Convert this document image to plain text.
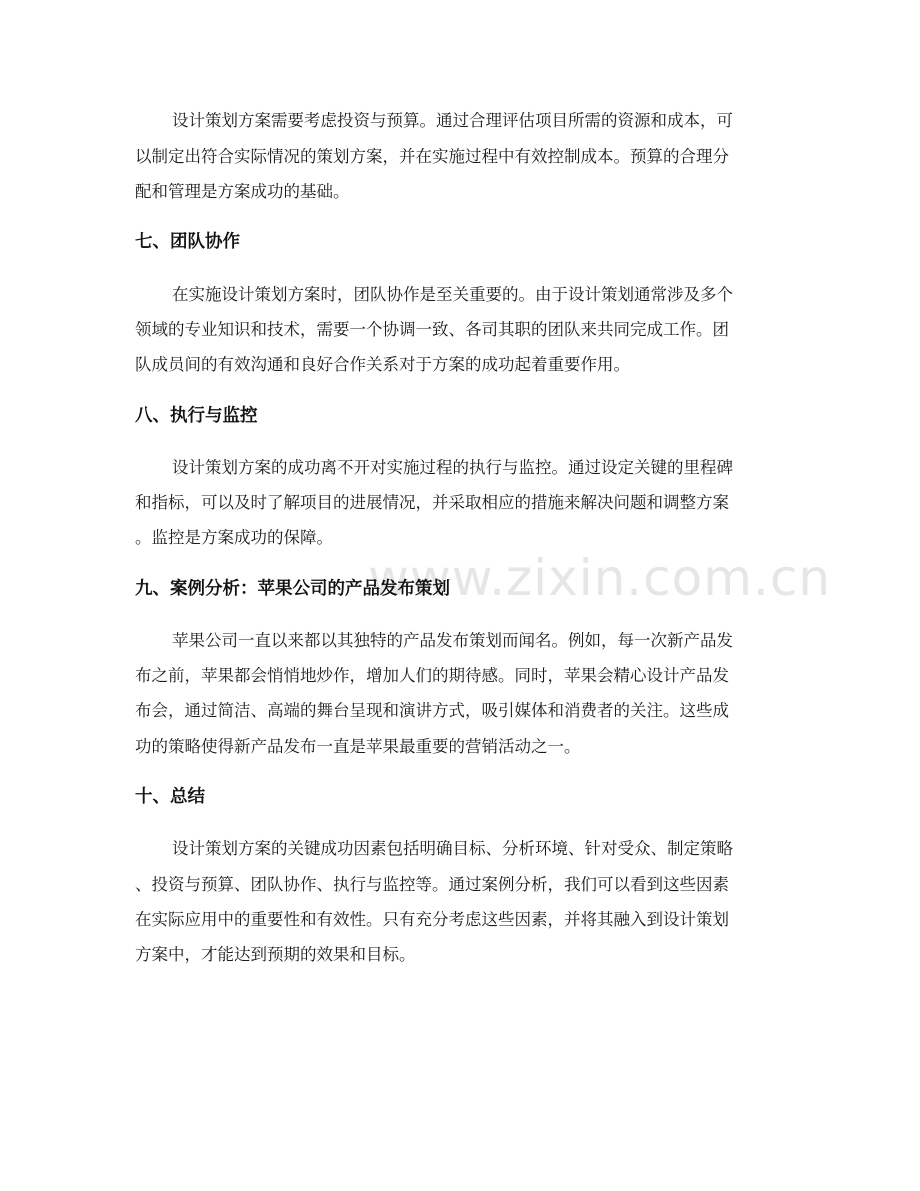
www.zixin.com.cn
设计策划方案需要考虑投资与预算。通过合理评估项目所需的资源和成本，可
以制定出符合实际情况的策划方案，并在实施过程中有效控制成本。预算的合理分
配和管理是方案成功的基础。
七、团队协作
在实施设计策划方案时，团队协作是至关重要的。由于设计策划通常涉及多个
领域的专业知识和技术，需要一个协调一致、各司其职的团队来共同完成工作。团
队成员间的有效沟通和良好合作关系对于方案的成功起着重要作用。
八、执行与监控
设计策划方案的成功离不开对实施过程的执行与监控。通过设定关键的里程碑
和指标，可以及时了解项目的进展情况，并采取相应的措施来解决问题和调整方案
。监控是方案成功的保障。
九、案例分析：苹果公司的产品发布策划
苹果公司一直以来都以其独特的产品发布策划而闻名。例如，每一次新产品发
布之前，苹果都会悄悄地炒作，增加人们的期待感。同时，苹果会精心设计产品发
布会，通过简洁、高端的舞台呈现和演讲方式，吸引媒体和消费者的关注。这些成
功的策略使得新产品发布一直是苹果最重要的营销活动之一。
十、总结
设计策划方案的关键成功因素包括明确目标、分析环境、针对受众、制定策略
、投资与预算、团队协作、执行与监控等。通过案例分析，我们可以看到这些因素
在实际应用中的重要性和有效性。只有充分考虑这些因素，并将其融入到设计策划
方案中，才能达到预期的效果和目标。
